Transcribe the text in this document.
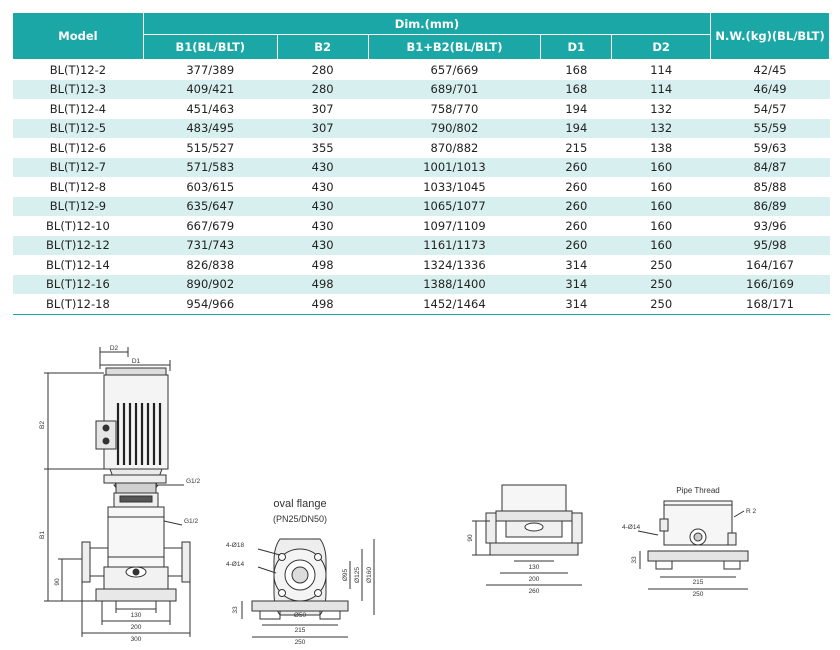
Model	Dim.(mm)					N.W.(kg)(BL/BLT)
	B1(BL/BLT)	B2	B1+B2(BL/BLT)	D1	D2	
BL(T)12-2	377/389	280	657/669	168	114	42/45
BL(T)12-3	409/421	280	689/701	168	114	46/49
BL(T)12-4	451/463	307	758/770	194	132	54/57
BL(T)12-5	483/495	307	790/802	194	132	55/59
BL(T)12-6	515/527	355	870/882	215	138	59/63
BL(T)12-7	571/583	430	1001/1013	260	160	84/87
BL(T)12-8	603/615	430	1033/1045	260	160	85/88
BL(T)12-9	635/647	430	1065/1077	260	160	86/89
BL(T)12-10	667/679	430	1097/1109	260	160	93/96
BL(T)12-12	731/743	430	1161/1173	260	160	95/98
BL(T)12-14	826/838	498	1324/1336	314	250	164/167
BL(T)12-16	890/902	498	1388/1400	314	250	166/169
BL(T)12-18	954/966	498	1452/1464	314	250	168/171
D2
D1
B2
B1
90
G1/2
G1/2
130
200
300
oval flange
(PN25/DN50)
4-Ø18
4-Ø14
33
Ø50
Ø95 Ø125 Ø160
215
250
90
130
200
260
Pipe Thread
R 2
4-Ø14
33
215
250
